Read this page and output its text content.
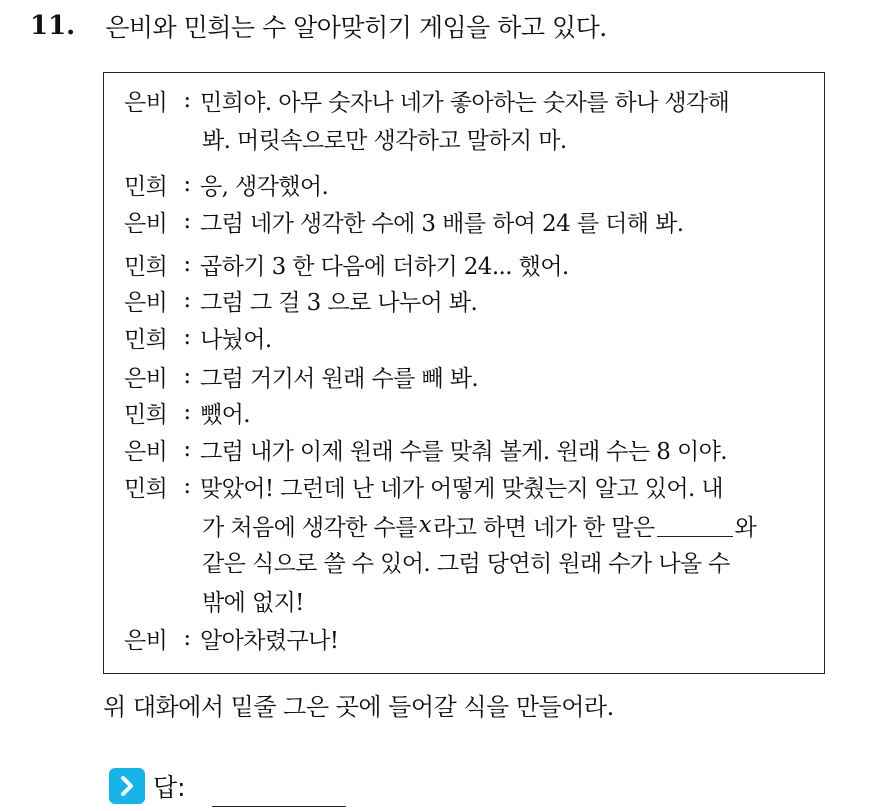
11. 은비와 민희는 수 알아맞히기 게임을 하고 있다.
은비 : 민희야. 아무 숫자나 네가 좋아하는 숫자를 하나 생각해
봐. 머릿속으로만 생각하고 말하지 마.
민희 : 응, 생각했어.
은비 : 그럼 네가 생각한 수에 3 배를 하여 24 를 더해 봐.
민희 : 곱하기 3 한 다음에 더하기 24... 했어.
은비 : 그럼 그 걸 3 으로 나누어 봐.
민희 : 나눴어.
은비 : 그럼 거기서 원래 수를 빼 봐.
민희 : 뺐어.
은비 : 그럼 내가 이제 원래 수를 맞춰 볼게. 원래 수는 8 이야.
민희 : 맞았어! 그런데 난 네가 어떻게 맞췄는지 알고 있어. 내
가 처음에 생각한 수를 x 라고 하면 네가 한 말은	와
같은 식으로 쓸 수 있어. 그럼 당연히 원래 수가 나올 수
밖에 없지!
은비 : 알아차렸구나!
위 대화에서 밑줄 그은 곳에 들어갈 식을 만들어라.
답:
